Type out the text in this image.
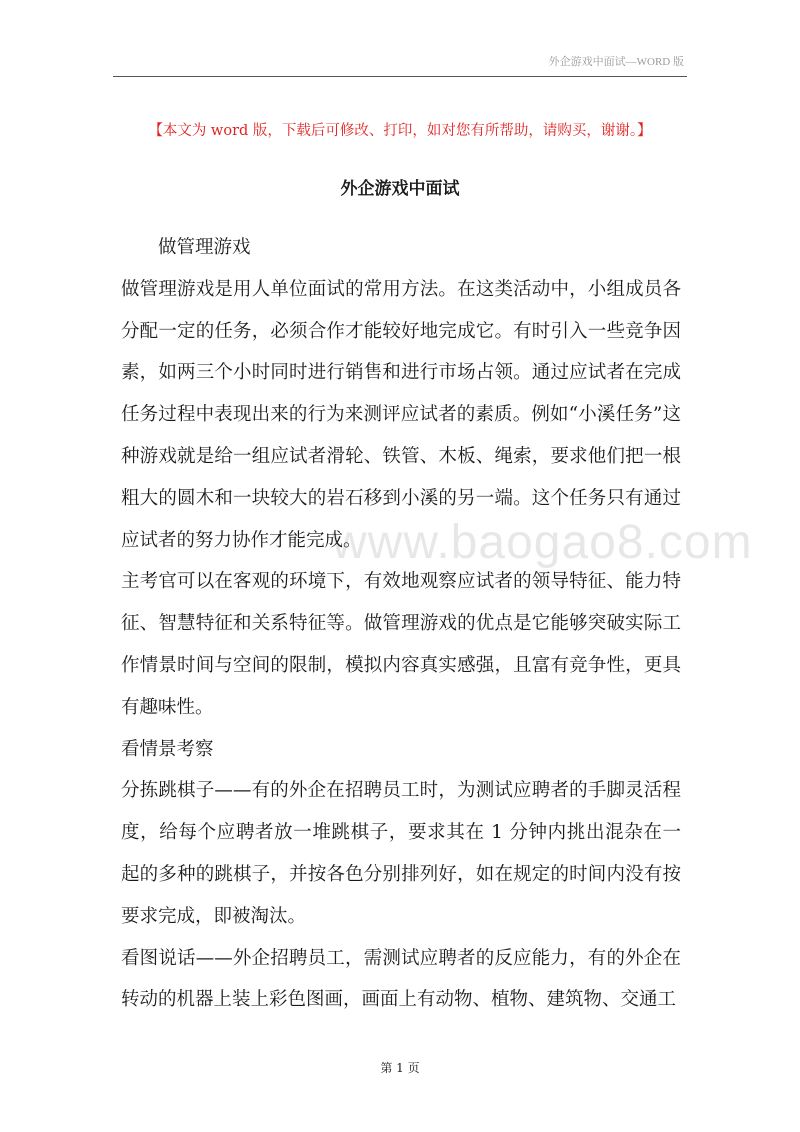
外企游戏中面试—WORD 版
【本文为 word 版，下载后可修改、打印，如对您有所帮助，请购买，谢谢。】
外企游戏中面试

做管理游戏

做管理游戏是用人单位面试的常用方法。在这类活动中，小组成员各分配一定的任务，必须合作才能较好地完成它。有时引入一些竞争因素，如两三个小时同时进行销售和进行市场占领。通过应试者在完成任务过程中表现出来的行为来测评应试者的素质。例如“小溪任务”这种游戏就是给一组应试者滑轮、铁管、木板、绳索，要求他们把一根粗大的圆木和一块较大的岩石移到小溪的另一端。这个任务只有通过应试者的努力协作才能完成。

主考官可以在客观的环境下，有效地观察应试者的领导特征、能力特征、智慧特征和关系特征等。做管理游戏的优点是它能够突破实际工作情景时间与空间的限制，模拟内容真实感强，且富有竞争性，更具有趣味性。

看情景考察

分拣跳棋子——有的外企在招聘员工时，为测试应聘者的手脚灵活程度，给每个应聘者放一堆跳棋子，要求其在 1 分钟内挑出混杂在一起的多种的跳棋子，并按各色分别排列好，如在规定的时间内没有按要求完成，即被淘汰。

看图说话——外企招聘员工，需测试应聘者的反应能力，有的外企在转动的机器上装上彩色图画，画面上有动物、植物、建筑物、交通工

www.baogao8.com
第 1 页
